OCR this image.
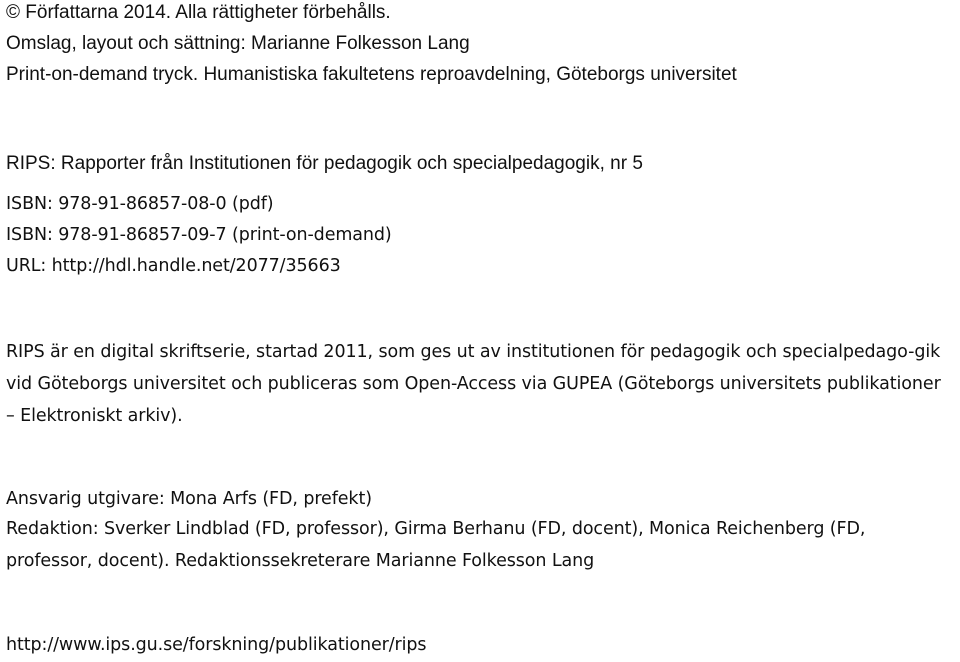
© Författarna 2014. Alla rättigheter förbehålls.
Omslag, layout och sättning: Marianne Folkesson Lang
Print-on-demand tryck. Humanistiska fakultetens reproavdelning, Göteborgs universitet
RIPS: Rapporter från Institutionen för pedagogik och specialpedagogik, nr 5
ISBN: 978-91-86857-08-0 (pdf)
ISBN: 978-91-86857-09-7 (print-on-demand)
URL: http://hdl.handle.net/2077/35663
RIPS är en digital skriftserie, startad 2011, som ges ut av institutionen för pedagogik och specialpedago-gik vid Göteborgs universitet och publiceras som Open-Access via GUPEA (Göteborgs universitets publikationer – Elektroniskt arkiv).
Ansvarig utgivare: Mona Arfs (FD, prefekt)
Redaktion: Sverker Lindblad (FD, professor), Girma Berhanu (FD, docent), Monica Reichenberg (FD, professor, docent). Redaktionssekreterare Marianne Folkesson Lang
http://www.ips.gu.se/forskning/publikationer/rips
